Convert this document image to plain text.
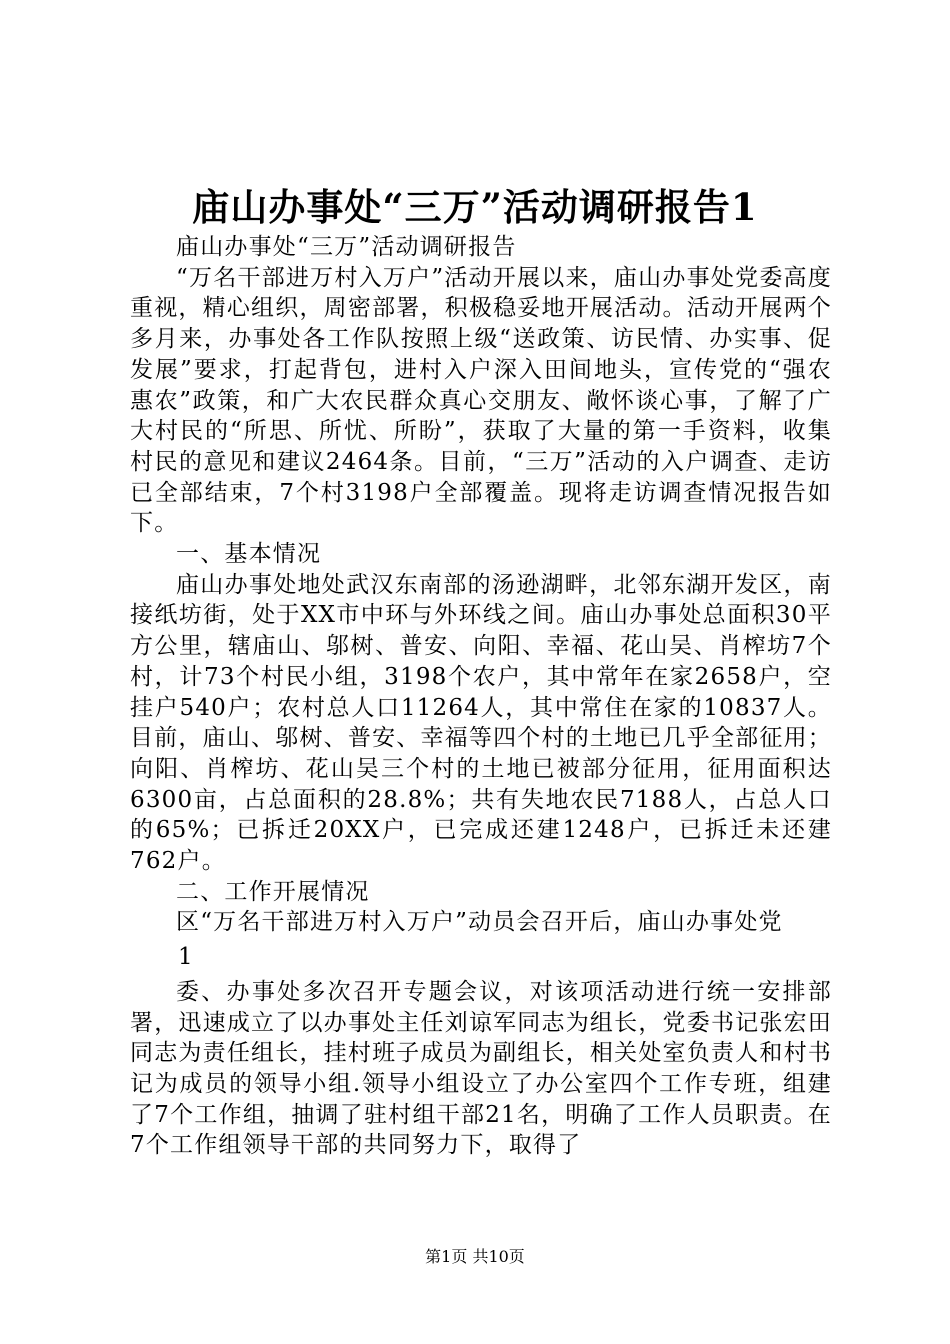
庙山办事处“三万”活动调研报告1

庙山办事处“三万”活动调研报告

“万名干部进万村入万户”活动开展以来，庙山办事处党委高度重视，精心组织，周密部署，积极稳妥地开展活动。活动开展两个多月来，办事处各工作队按照上级“送政策、访民情、办实事、促发展”要求，打起背包，进村入户深入田间地头，宣传党的“强农惠农”政策，和广大农民群众真心交朋友、敞怀谈心事，了解了广大村民的“所思、所忧、所盼”，获取了大量的第一手资料，收集村民的意见和建议2464条。目前，“三万”活动的入户调查、走访已全部结束，7个村3198户全部覆盖。现将走访调查情况报告如下。

一、基本情况

庙山办事处地处武汉东南部的汤逊湖畔，北邻东湖开发区，南接纸坊街，处于XX市中环与外环线之间。庙山办事处总面积30平方公里，辖庙山、邬树、普安、向阳、幸福、花山吴、肖榨坊7个村，计73个村民小组，3198个农户，其中常年在家2658户，空挂户540户；农村总人口11264人，其中常住在家的10837人。目前，庙山、邬树、普安、幸福等四个村的土地已几乎全部征用；向阳、肖榨坊、花山吴三个村的土地已被部分征用，征用面积达6300亩，占总面积的28.8%；共有失地农民7188人，占总人口的65%；已拆迁20XX户，已完成还建1248户，已拆迁未还建762户。

二、工作开展情况

区“万名干部进万村入万户”动员会召开后，庙山办事处党

1

委、办事处多次召开专题会议，对该项活动进行统一安排部署，迅速成立了以办事处主任刘谅军同志为组长，党委书记张宏田同志为责任组长，挂村班子成员为副组长，相关处室负责人和村书记为成员的领导小组.领导小组设立了办公室四个工作专班，组建了7个工作组，抽调了驻村组干部21名，明确了工作人员职责。在7个工作组领导干部的共同努力下，取得了

第1页 共10页
